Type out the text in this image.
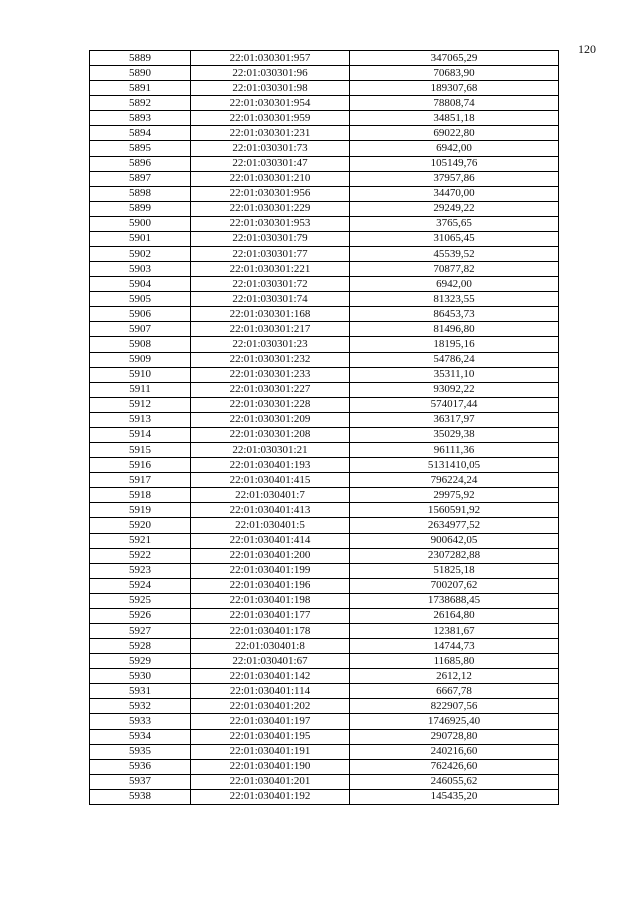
120
5889	22:01:030301:957	347065,29
5890	22:01:030301:96	70683,90
5891	22:01:030301:98	189307,68
5892	22:01:030301:954	78808,74
5893	22:01:030301:959	34851,18
5894	22:01:030301:231	69022,80
5895	22:01:030301:73	6942,00
5896	22:01:030301:47	105149,76
5897	22:01:030301:210	37957,86
5898	22:01:030301:956	34470,00
5899	22:01:030301:229	29249,22
5900	22:01:030301:953	3765,65
5901	22:01:030301:79	31065,45
5902	22:01:030301:77	45539,52
5903	22:01:030301:221	70877,82
5904	22:01:030301:72	6942,00
5905	22:01:030301:74	81323,55
5906	22:01:030301:168	86453,73
5907	22:01:030301:217	81496,80
5908	22:01:030301:23	18195,16
5909	22:01:030301:232	54786,24
5910	22:01:030301:233	35311,10
5911	22:01:030301:227	93092,22
5912	22:01:030301:228	574017,44
5913	22:01:030301:209	36317,97
5914	22:01:030301:208	35029,38
5915	22:01:030301:21	96111,36
5916	22:01:030401:193	5131410,05
5917	22:01:030401:415	796224,24
5918	22:01:030401:7	29975,92
5919	22:01:030401:413	1560591,92
5920	22:01:030401:5	2634977,52
5921	22:01:030401:414	900642,05
5922	22:01:030401:200	2307282,88
5923	22:01:030401:199	51825,18
5924	22:01:030401:196	700207,62
5925	22:01:030401:198	1738688,45
5926	22:01:030401:177	26164,80
5927	22:01:030401:178	12381,67
5928	22:01:030401:8	14744,73
5929	22:01:030401:67	11685,80
5930	22:01:030401:142	2612,12
5931	22:01:030401:114	6667,78
5932	22:01:030401:202	822907,56
5933	22:01:030401:197	1746925,40
5934	22:01:030401:195	290728,80
5935	22:01:030401:191	240216,60
5936	22:01:030401:190	762426,60
5937	22:01:030401:201	246055,62
5938	22:01:030401:192	145435,20
